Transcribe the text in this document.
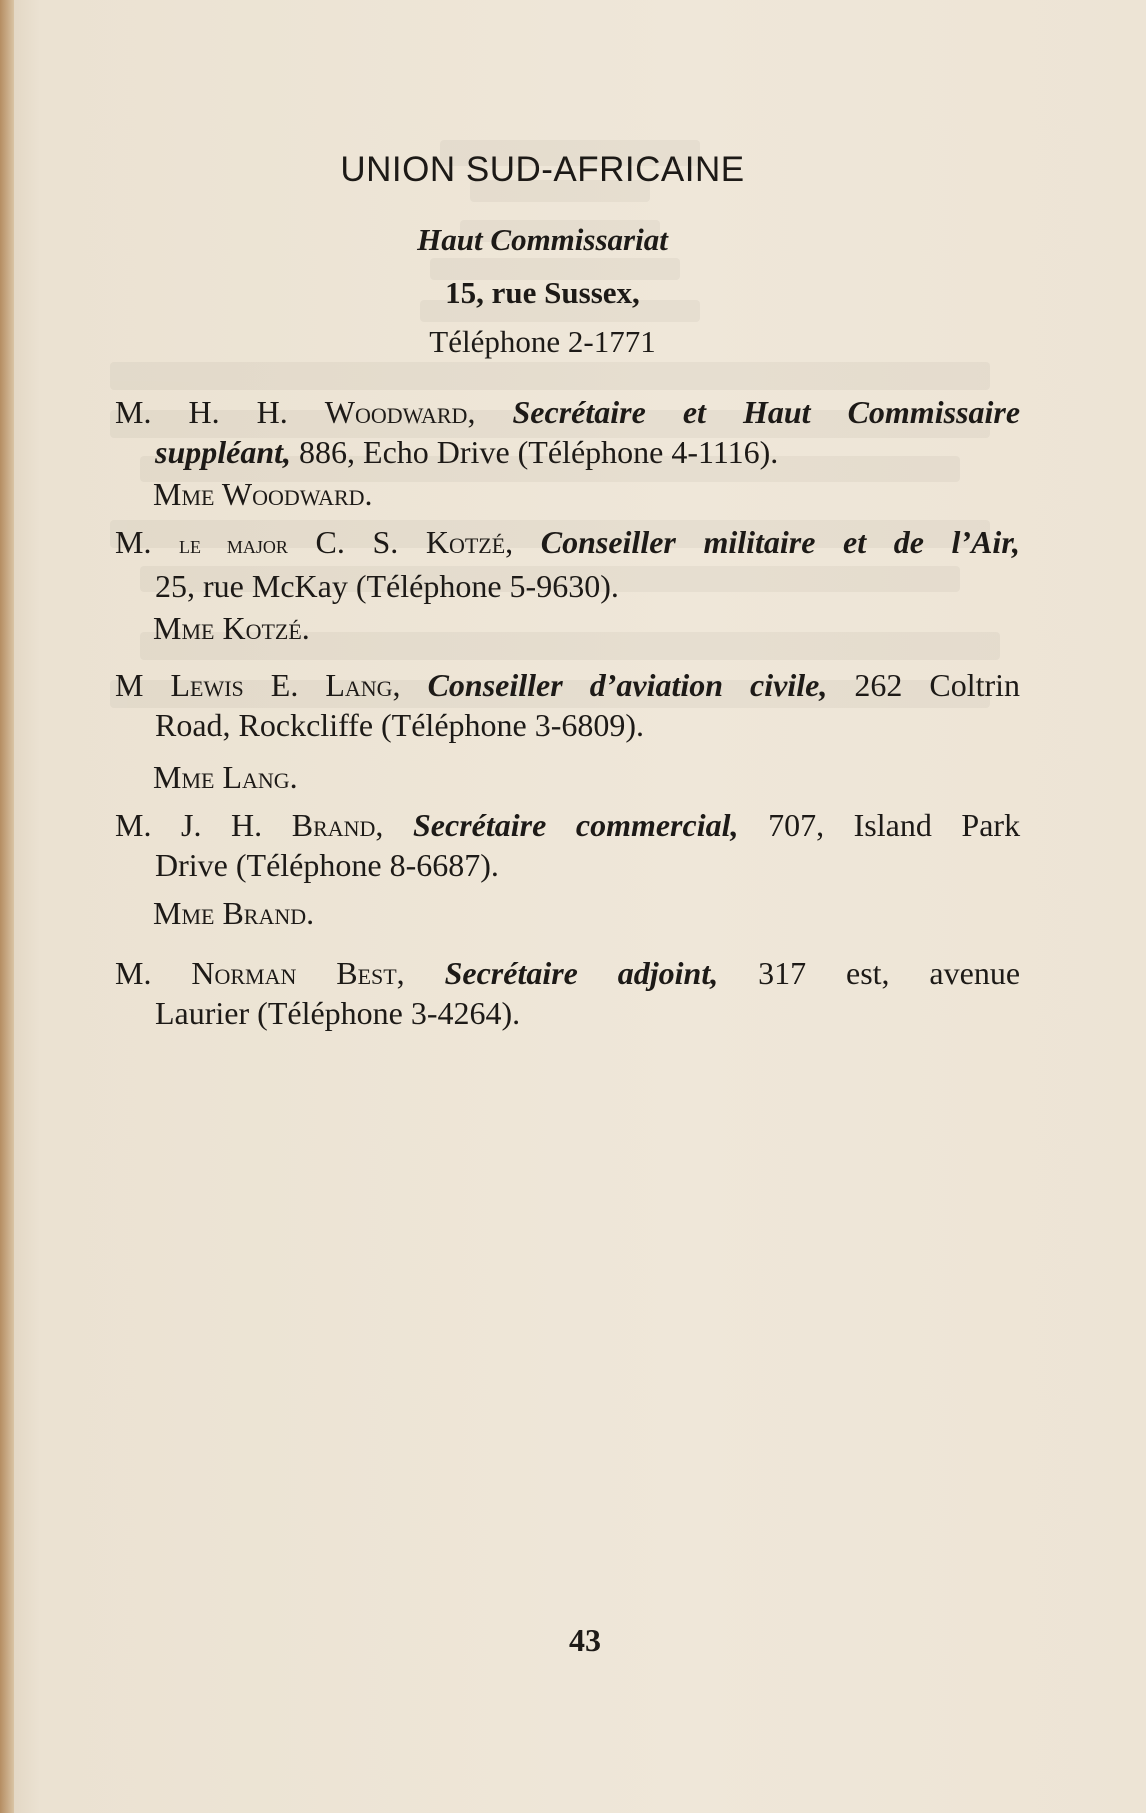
UNION SUD-AFRICAINE
Haut Commissariat
15, rue Sussex,
Téléphone 2-1771
M. H. H. Woodward, Secrétaire et Haut Commissaire
suppléant, 886, Echo Drive (Téléphone 4-1116).
Mme Woodward.
M. le major C. S. Kotzé, Conseiller militaire et de l’Air,
25, rue McKay (Téléphone 5-9630).
Mme Kotzé.
M Lewis E. Lang, Conseiller d’aviation civile, 262 Coltrin
Road, Rockcliffe (Téléphone 3-6809).
Mme Lang.
M. J. H. Brand, Secrétaire commercial, 707, Island Park
Drive (Téléphone 8-6687).
Mme Brand.
M. Norman Best, Secrétaire adjoint, 317 est, avenue
Laurier (Téléphone 3-4264).
43
